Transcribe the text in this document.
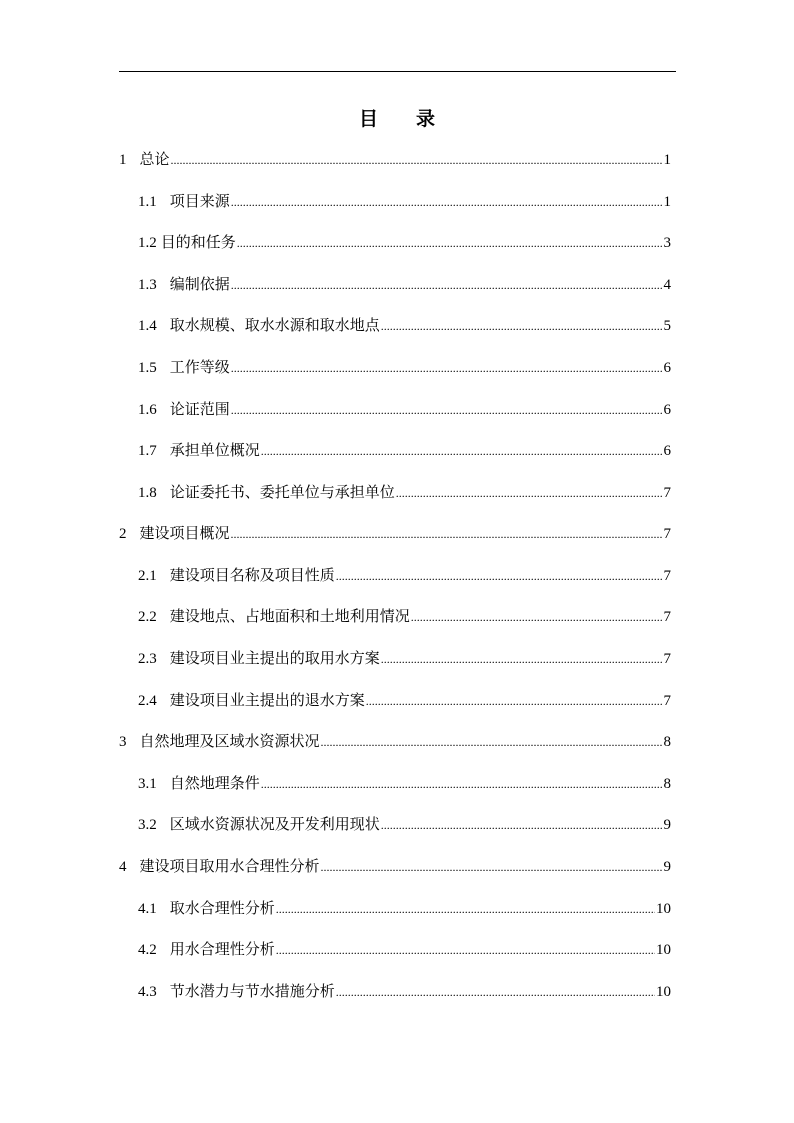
目 录
1 总论 .....	1
1.1 项目来源 .....	1
1.2 目的和任务 .....	3
1.3 编制依据 .....	4
1.4 取水规模、取水水源和取水地点 .....	5
1.5 工作等级 .....	6
1.6 论证范围 .....	6
1.7 承担单位概况 .....	6
1.8 论证委托书、委托单位与承担单位 .....	7
2 建设项目概况 .....	7
2.1 建设项目名称及项目性质 .....	7
2.2 建设地点、占地面积和土地利用情况 .....	7
2.3 建设项目业主提出的取用水方案 .....	7
2.4 建设项目业主提出的退水方案 .....	7
3 自然地理及区域水资源状况 .....	8
3.1 自然地理条件 .....	8
3.2 区域水资源状况及开发利用现状 .....	9
4 建设项目取用水合理性分析 .....	9
4.1 取水合理性分析 .....	10
4.2 用水合理性分析 .....	10
4.3 节水潜力与节水措施分析 .....	10
